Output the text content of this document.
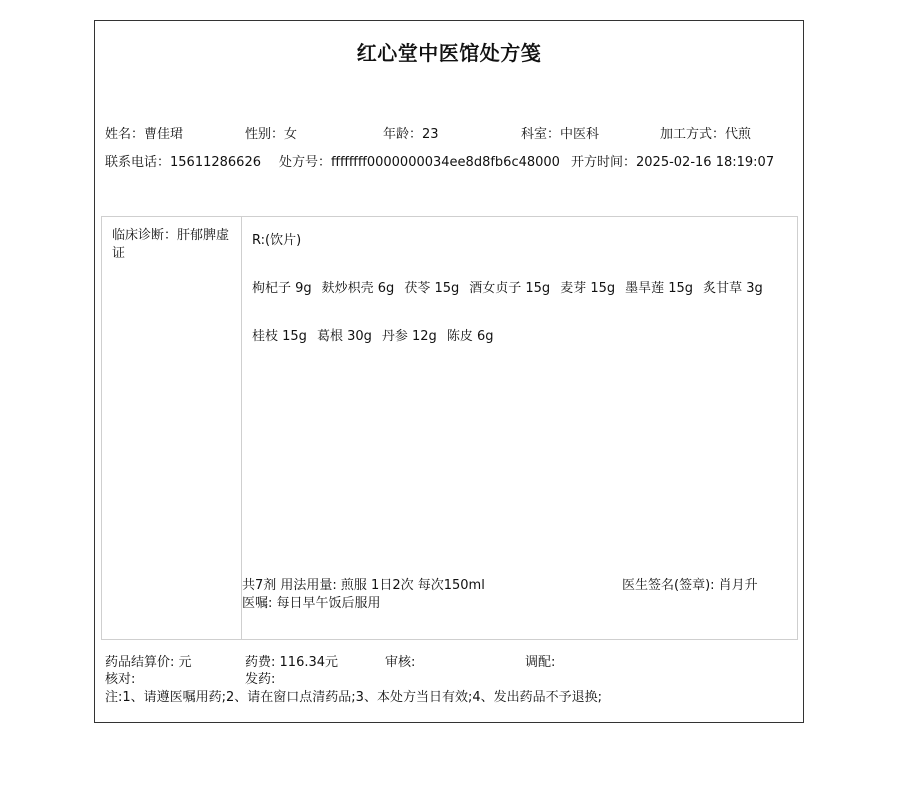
红心堂中医馆处方笺
姓名：曹佳珺	性别：女	年龄：23	科室：中医科	加工方式：代煎
联系电话：15611286626 处方号：ffffffff0000000034ee8d8fb6c48000 开方时间：2025-02-16 18:19:07
临床诊断：肝郁脾虚证
R:(饮片)
枸杞子 9g 麸炒枳壳 6g 茯苓 15g 酒女贞子 15g 麦芽 15g 墨旱莲 15g 炙甘草 3g
桂枝 15g 葛根 30g 丹参 12g 陈皮 6g
共7剂 用法用量: 煎服 1日2次 每次150ml
医嘱: 每日早午饭后服用
医生签名(签章): 肖月升
药品结算价: 元	药费: 116.34元	审核:	调配:
核对:	发药:
注:1、请遵医嘱用药;2、请在窗口点清药品;3、本处方当日有效;4、发出药品不予退换;
